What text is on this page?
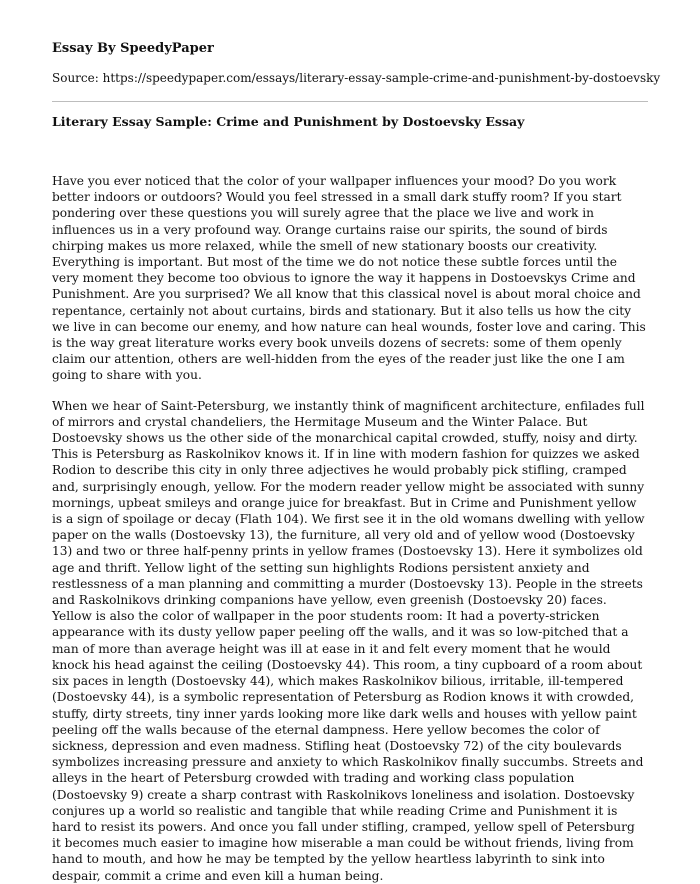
Essay By SpeedyPaper
Source: https://speedypaper.com/essays/literary-essay-sample-crime-and-punishment-by-dostoevsky
Literary Essay Sample: Crime and Punishment by Dostoevsky Essay

Have you ever noticed that the color of your wallpaper influences your mood? Do you work better indoors or outdoors? Would you feel stressed in a small dark stuffy room? If you start pondering over these questions you will surely agree that the place we live and work in influences us in a very profound way. Orange curtains raise our spirits, the sound of birds chirping makes us more relaxed, while the smell of new stationary boosts our creativity. Everything is important. But most of the time we do not notice these subtle forces until the very moment they become too obvious to ignore the way it happens in Dostoevskys Crime and Punishment. Are you surprised? We all know that this classical novel is about moral choice and repentance, certainly not about curtains, birds and stationary. But it also tells us how the city we live in can become our enemy, and how nature can heal wounds, foster love and caring. This is the way great literature works every book unveils dozens of secrets: some of them openly claim our attention, others are well-hidden from the eyes of the reader just like the one I am going to share with you.

When we hear of Saint-Petersburg, we instantly think of magnificent architecture, enfilades full of mirrors and crystal chandeliers, the Hermitage Museum and the Winter Palace. But Dostoevsky shows us the other side of the monarchical capital crowded, stuffy, noisy and dirty. This is Petersburg as Raskolnikov knows it. If in line with modern fashion for quizzes we asked Rodion to describe this city in only three adjectives he would probably pick stifling, cramped and, surprisingly enough, yellow. For the modern reader yellow might be associated with sunny mornings, upbeat smileys and orange juice for breakfast. But in Crime and Punishment yellow is a sign of spoilage or decay (Flath 104). We first see it in the old womans dwelling with yellow paper on the walls (Dostoevsky 13), the furniture, all very old and of yellow wood (Dostoevsky 13) and two or three half-penny prints in yellow frames (Dostoevsky 13). Here it symbolizes old age and thrift. Yellow light of the setting sun highlights Rodions persistent anxiety and restlessness of a man planning and committing a murder (Dostoevsky 13). People in the streets and Raskolnikovs drinking companions have yellow, even greenish (Dostoevsky 20) faces. Yellow is also the color of wallpaper in the poor students room: It had a poverty-stricken appearance with its dusty yellow paper peeling off the walls, and it was so low-pitched that a man of more than average height was ill at ease in it and felt every moment that he would knock his head against the ceiling (Dostoevsky 44). This room, a tiny cupboard of a room about six paces in length (Dostoevsky 44), which makes Raskolnikov bilious, irritable, ill-tempered (Dostoevsky 44), is a symbolic representation of Petersburg as Rodion knows it with crowded, stuffy, dirty streets, tiny inner yards looking more like dark wells and houses with yellow paint peeling off the walls because of the eternal dampness. Here yellow becomes the color of sickness, depression and even madness. Stifling heat (Dostoevsky 72) of the city boulevards symbolizes increasing pressure and anxiety to which Raskolnikov finally succumbs. Streets and alleys in the heart of Petersburg crowded with trading and working class population (Dostoevsky 9) create a sharp contrast with Raskolnikovs loneliness and isolation. Dostoevsky conjures up a world so realistic and tangible that while reading Crime and Punishment it is hard to resist its powers. And once you fall under stifling, cramped, yellow spell of Petersburg it becomes much easier to imagine how miserable a man could be without friends, living from hand to mouth, and how he may be tempted by the yellow heartless labyrinth to sink into despair, commit a crime and even kill a human being.
